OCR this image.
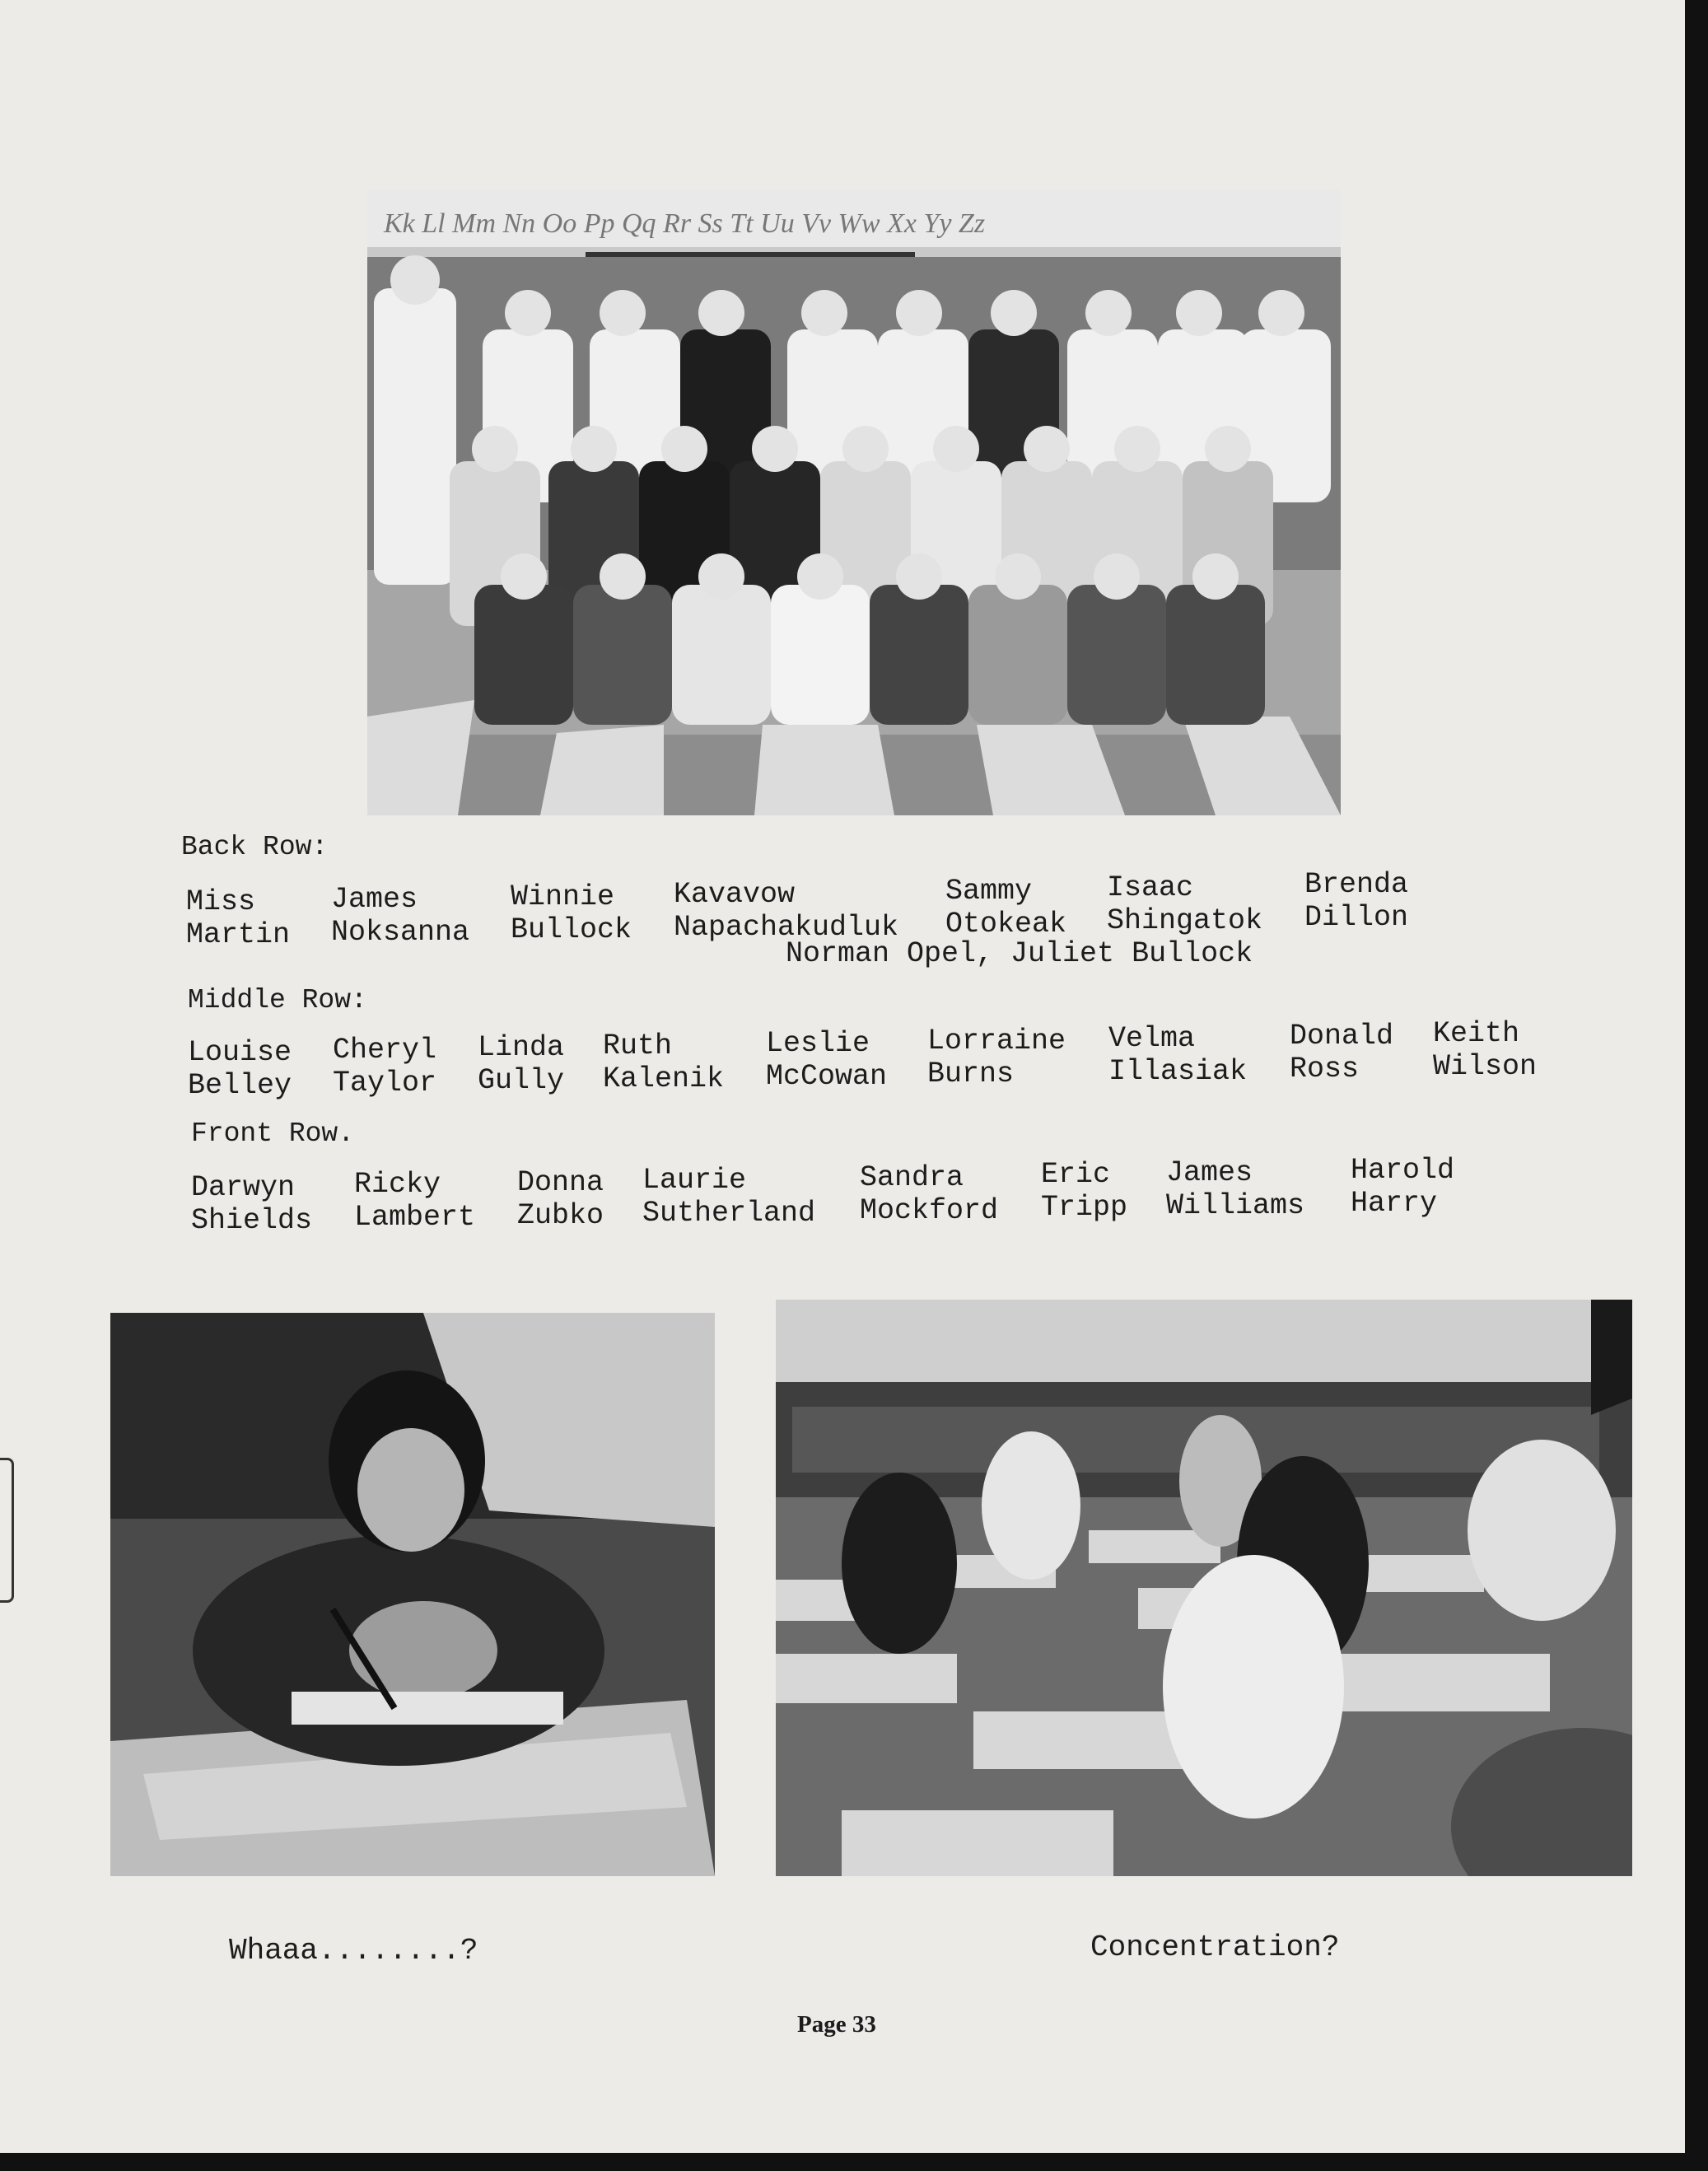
Kk Ll Mm Nn Oo Pp Qq Rr Ss Tt Uu Vv Ww Xx Yy Zz
Back Row:
Miss
Martin
James
Noksanna
Winnie
Bullock
Kavavow
Napachakudluk
Sammy
Otokeak
Isaac
Shingatok
Brenda
Dillon
Norman Opel, Juliet Bullock
Middle Row:
Louise
Belley
Cheryl
Taylor
Linda
Gully
Ruth
Kalenik
Leslie
McCowan
Lorraine
Burns
Velma
Illasiak
Donald
Ross
Keith
Wilson
Front Row.
Darwyn
Shields
Ricky
Lambert
Donna
Zubko
Laurie
Sutherland
Sandra
Mockford
Eric
Tripp
James
Williams
Harold
Harry
Whaaa........?	Concentration?
Page 33
